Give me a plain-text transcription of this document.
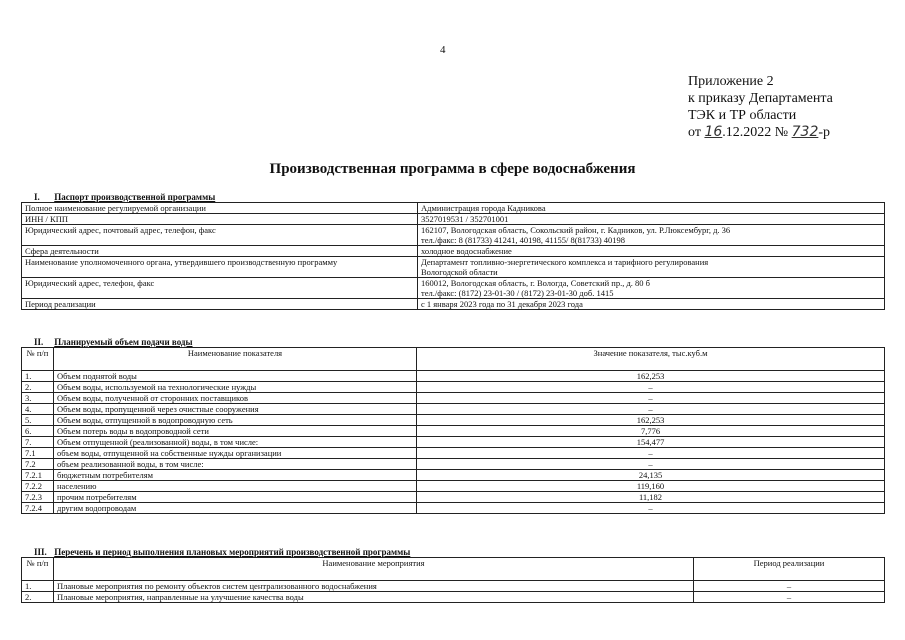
4
Приложение 2
к приказу Департамента
ТЭК и ТР области
от 16.12.2022 № 732-р
Производственная программа в сфере водоснабжения
I. Паспорт производственной программы
Полное наименование регулируемой организации	Администрация города Кадникова

ИНН / КПП	3527019531 / 352701001

Юридический адрес, почтовый адрес, телефон, факс	162107, Вологодская область, Сокольский район, г. Кадников, ул. Р.Люксембург, д. 36
тел./факс: 8 (81733) 41241, 40198, 41155/ 8(81733) 40198

Сфера деятельности	холодное водоснабжение

Наименование уполномоченного органа, утвердившего производственную программу	Департамент топливно-энергетического комплекса и тарифного регулирования
Вологодской области

Юридический адрес, телефон, факс	160012, Вологодская область, г. Вологда, Советский пр., д. 80 б
тел./факс: (8172) 23-01-30 / (8172) 23-01-30 доб. 1415

Период реализации	с 1 января 2023 года по 31 декабря 2023 года
II. Планируемый объем подачи воды
№ п/п	Наименование показателя	Значение показателя, тыс.куб.м
1.	Объем поднятой воды	162,253
2.	Объем воды, используемой на технологические нужды	–
3.	Объем воды, полученной от сторонних поставщиков	–
4.	Объем воды, пропущенной через очистные сооружения	–
5.	Объем воды, отпущенной в водопроводную сеть	162,253
6.	Объем потерь воды в водопроводной сети	7,776
7.	Объем отпущенной (реализованной) воды, в том числе:	154,477
7.1	объем воды, отпущенной на собственные нужды организации	–
7.2	объем реализованной воды, в том числе:	–
7.2.1	бюджетным потребителям	24,135
7.2.2	населению	119,160
7.2.3	прочим потребителям	11,182
7.2.4	другим водопроводам	–
III. Перечень и период выполнения плановых мероприятий производственной программы
№ п/п	Наименование мероприятия	Период реализации
1.	Плановые мероприятия по ремонту объектов систем централизованного водоснабжения	–
2.	Плановые мероприятия, направленные на улучшение качества воды	–
